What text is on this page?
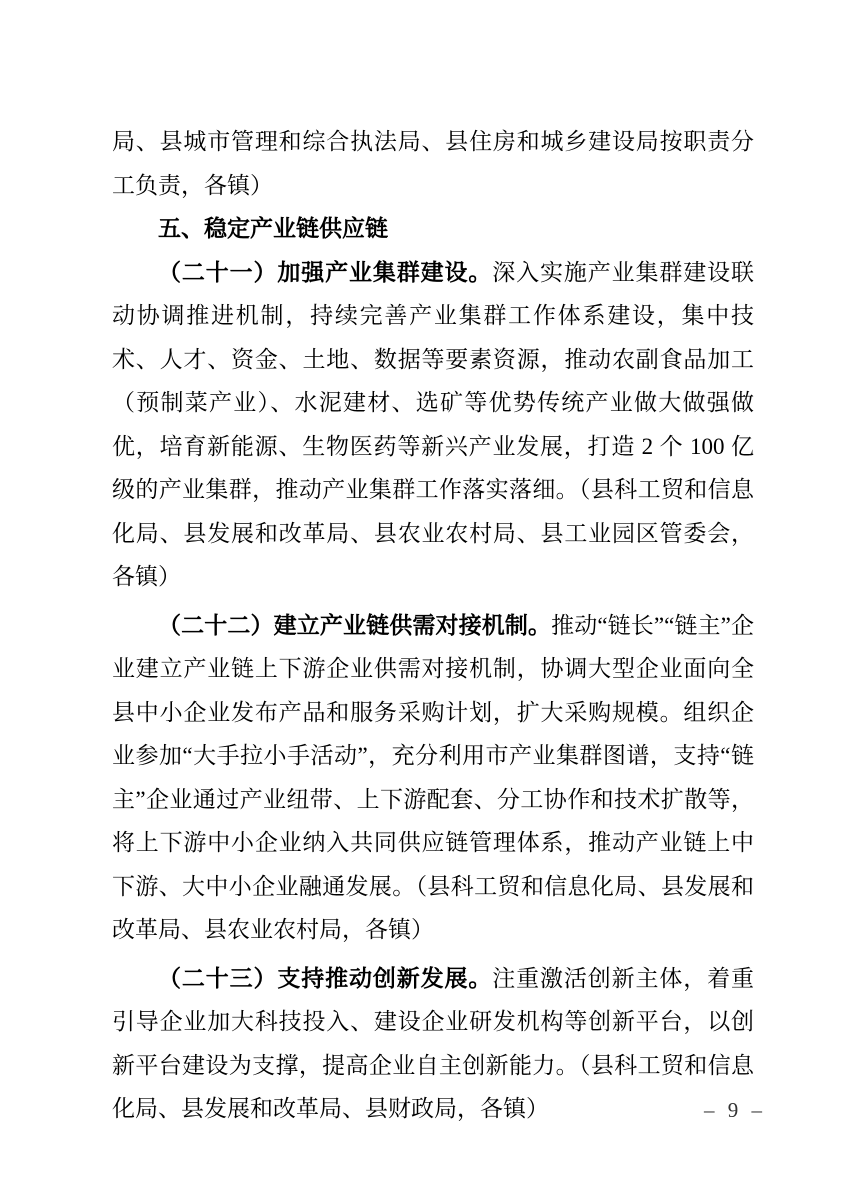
局、县城市管理和综合执法局、县住房和城乡建设局按职责分工负责，各镇）

五、稳定产业链供应链

（二十一）加强产业集群建设。深入实施产业集群建设联动协调推进机制，持续完善产业集群工作体系建设，集中技术、人才、资金、土地、数据等要素资源，推动农副食品加工（预制菜产业）、水泥建材、选矿等优势传统产业做大做强做优，培育新能源、生物医药等新兴产业发展，打造 2 个 100 亿级的产业集群，推动产业集群工作落实落细。（县科工贸和信息化局、县发展和改革局、县农业农村局、县工业园区管委会，各镇）

（二十二）建立产业链供需对接机制。推动“链长”“链主”企业建立产业链上下游企业供需对接机制，协调大型企业面向全县中小企业发布产品和服务采购计划，扩大采购规模。组织企业参加“大手拉小手活动”，充分利用市产业集群图谱，支持“链主”企业通过产业纽带、上下游配套、分工协作和技术扩散等，将上下游中小企业纳入共同供应链管理体系，推动产业链上中下游、大中小企业融通发展。（县科工贸和信息化局、县发展和改革局、县农业农村局，各镇）

（二十三）支持推动创新发展。注重激活创新主体，着重引导企业加大科技投入、建设企业研发机构等创新平台，以创新平台建设为支撑，提高企业自主创新能力。（县科工贸和信息化局、县发展和改革局、县财政局，各镇）	– 9 –
